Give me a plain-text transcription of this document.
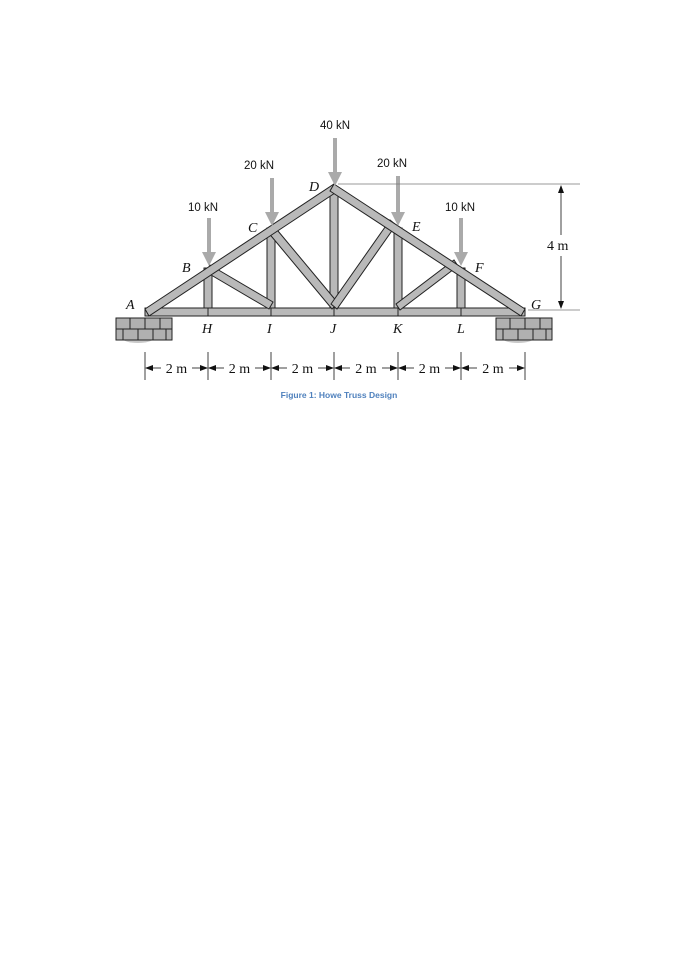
10 kN
20 kN
40 kN
20 kN
10 kN
A
B
C
D
E
F
G
H	I	J	K	L
4 m
2 m	2 m	2 m	2 m	2 m	2 m
Figure 1: Howe Truss Design
